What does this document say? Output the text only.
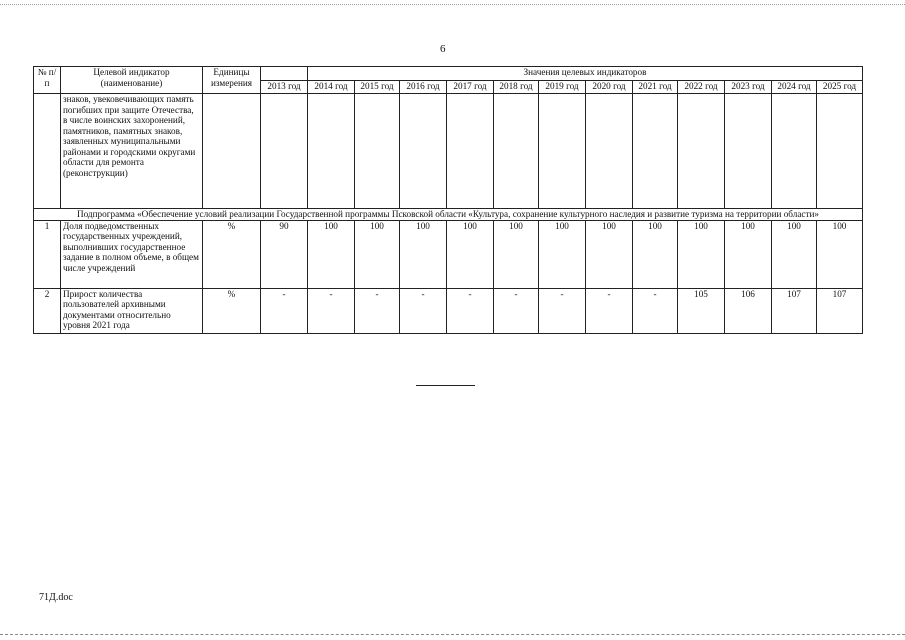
6
№ п/п	Целевой индикатор (наименование)	Единицы измерения		Значения целевых индикаторов											
			2013 год	2014 год	2015 год	2016 год	2017 год	2018 год	2019 год	2020 год	2021 год	2022 год	2023 год	2024 год	2025 год
	знаков, увековечивающих память погибших при защите Отечества, в числе воинских захоронений, памятников, памятных знаков, заявленных муниципальными районами и городскими округами области для ремонта (реконструкции)														
Подпрограмма «Обеспечение условий реализации Государственной программы Псковской области «Культура, сохранение культурного наследия и развитие туризма на территории области»															
1	Доля подведомственных государственных учреждений, выполнивших государственное задание в полном объеме, в общем числе учреждений	%	90	100	100	100	100	100	100	100	100	100	100	100	100
2	Прирост количества пользователей архивными документами относительно уровня 2021 года	%	-	-	-	-	-	-	-	-	-	105	106	107	107
71Д.doc
